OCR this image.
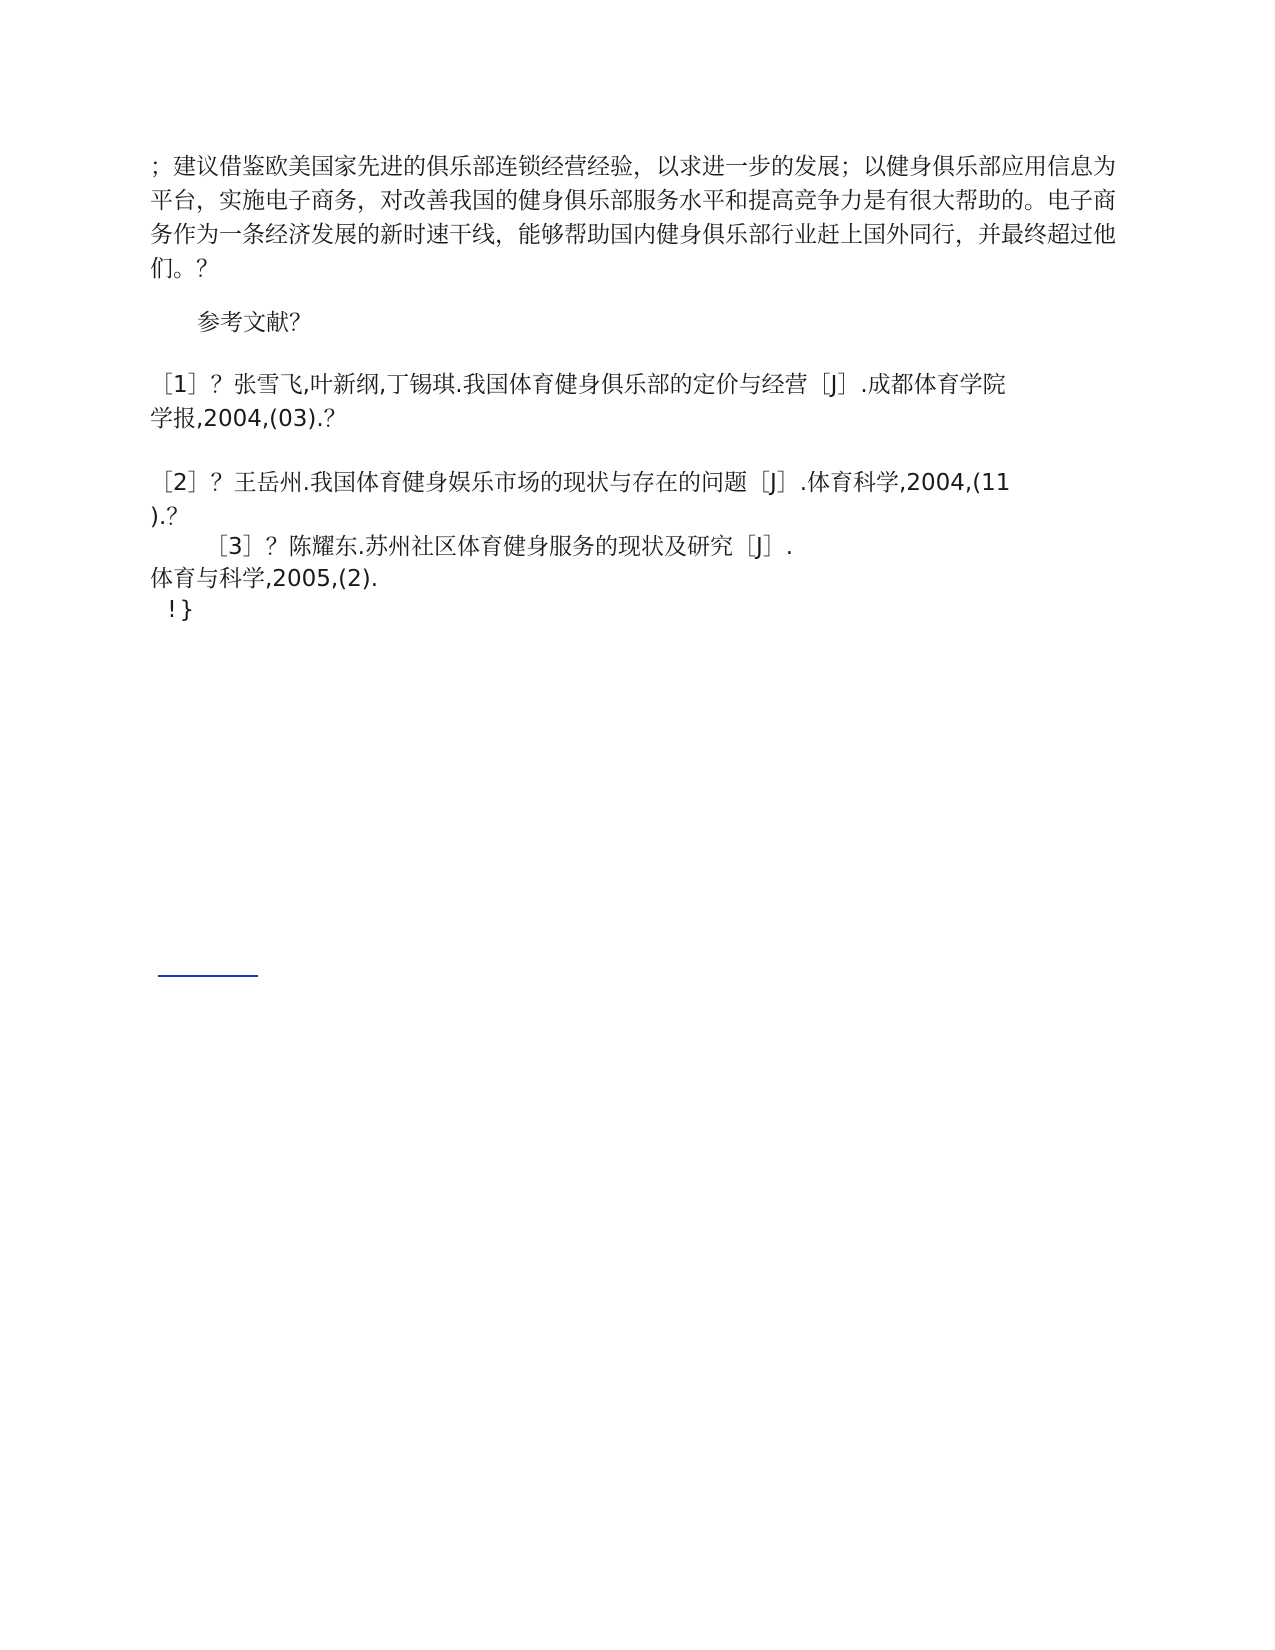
；建议借鉴欧美国家先进的俱乐部连锁经营经验，以求进一步的发展；以健身俱乐部应用信息为平台，实施电子商务，对改善我国的健身俱乐部服务水平和提高竞争力是有很大帮助的。电子商务作为一条经济发展的新时速干线，能够帮助国内健身俱乐部行业赶上国外同行，并最终超过他们。？

参考文献？

［1］？张雪飞,叶新纲,丁锡琪.我国体育健身俱乐部的定价与经营［J］.成都体育学院

学报,2004,(03).？

［2］？王岳州.我国体育健身娱乐市场的现状与存在的问题［J］.体育科学,2004,(11

).？

［3］？陈耀东.苏州社区体育健身服务的现状及研究［J］.

体育与科学,2005,(2).

!}
